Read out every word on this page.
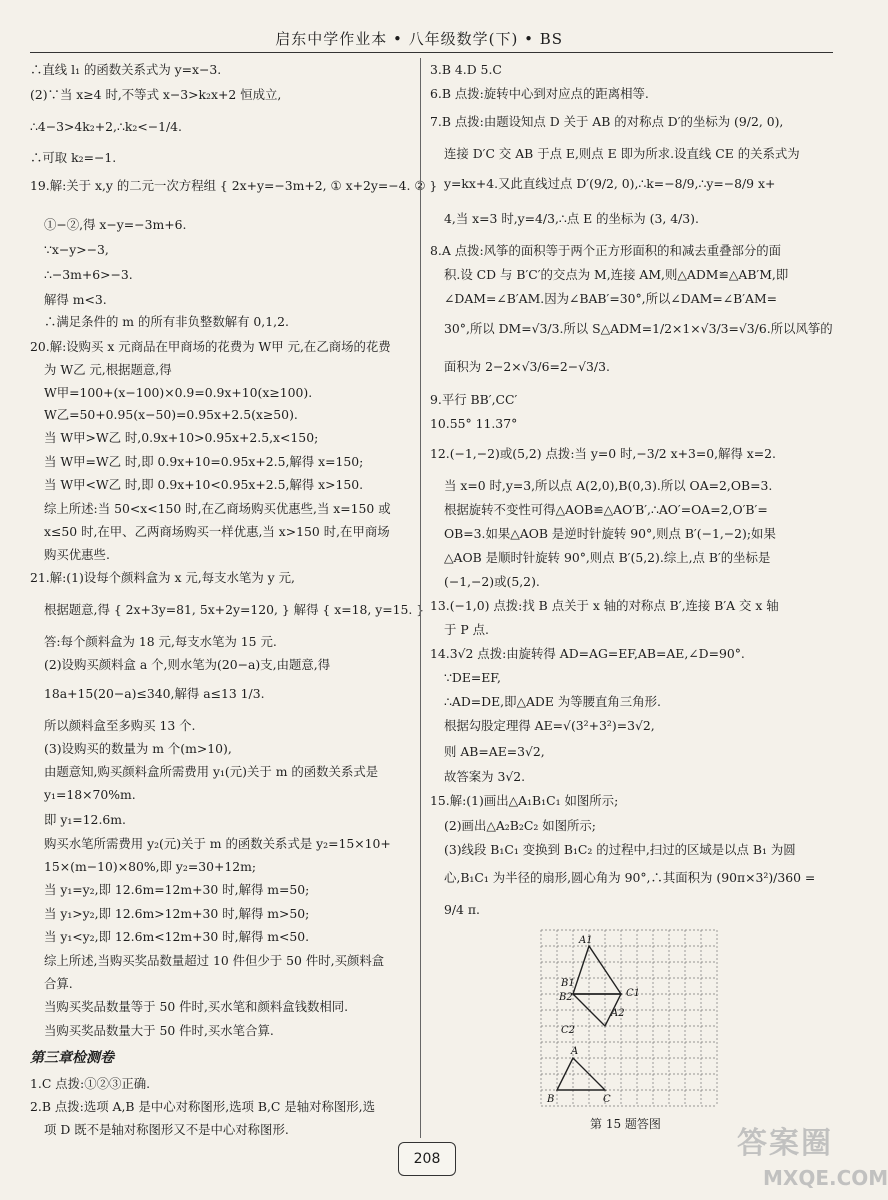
启东中学作业本 • 八年级数学(下) • BS
∴直线 l₁ 的函数关系式为 y=x−3.
(2)∵当 x≥4 时,不等式 x−3>k₂x+2 恒成立,
∴4−3>4k₂+2,∴k₂<−1/4.
∴可取 k₂=−1.
19.解:关于 x,y 的二元一次方程组 { 2x+y=−3m+2, ① x+2y=−4. ② }
①−②,得 x−y=−3m+6.
∵x−y>−3,
∴−3m+6>−3.
解得 m<3.
∴满足条件的 m 的所有非负整数解有 0,1,2.
20.解:设购买 x 元商品在甲商场的花费为 W甲 元,在乙商场的花费
为 W乙 元,根据题意,得
W甲=100+(x−100)×0.9=0.9x+10(x≥100).
W乙=50+0.95(x−50)=0.95x+2.5(x≥50).
当 W甲>W乙 时,0.9x+10>0.95x+2.5,x<150;
当 W甲=W乙 时,即 0.9x+10=0.95x+2.5,解得 x=150;
当 W甲<W乙 时,即 0.9x+10<0.95x+2.5,解得 x>150.
综上所述:当 50<x<150 时,在乙商场购买优惠些,当 x=150 或
x≤50 时,在甲、乙两商场购买一样优惠,当 x>150 时,在甲商场
购买优惠些.
21.解:(1)设每个颜料盒为 x 元,每支水笔为 y 元,
根据题意,得 { 2x+3y=81, 5x+2y=120, } 解得 { x=18, y=15. }
答:每个颜料盒为 18 元,每支水笔为 15 元.
(2)设购买颜料盒 a 个,则水笔为(20−a)支,由题意,得
18a+15(20−a)≤340,解得 a≤13 1/3.
所以颜料盒至多购买 13 个.
(3)设购买的数量为 m 个(m>10),
由题意知,购买颜料盒所需费用 y₁(元)关于 m 的函数关系式是
y₁=18×70%m.
即 y₁=12.6m.
购买水笔所需费用 y₂(元)关于 m 的函数关系式是 y₂=15×10+
15×(m−10)×80%,即 y₂=30+12m;
当 y₁=y₂,即 12.6m=12m+30 时,解得 m=50;
当 y₁>y₂,即 12.6m>12m+30 时,解得 m>50;
当 y₁<y₂,即 12.6m<12m+30 时,解得 m<50.
综上所述,当购买奖品数量超过 10 件但少于 50 件时,买颜料盒
合算.
当购买奖品数量等于 50 件时,买水笔和颜料盒钱数相同.
当购买奖品数量大于 50 件时,买水笔合算.
第三章检测卷
1.C 点拨:①②③正确.
2.B 点拨:选项 A,B 是中心对称图形,选项 B,C 是轴对称图形,选
项 D 既不是轴对称图形又不是中心对称图形.
3.B 4.D 5.C
6.B 点拨:旋转中心到对应点的距离相等.
7.B 点拨:由题设知点 D 关于 AB 的对称点 D′的坐标为 (9/2, 0),
连接 D′C 交 AB 于点 E,则点 E 即为所求.设直线 CE 的关系式为
y=kx+4.又此直线过点 D′(9/2, 0),∴k=−8/9,∴y=−8/9 x+
4,当 x=3 时,y=4/3,∴点 E 的坐标为 (3, 4/3).
8.A 点拨:风筝的面积等于两个正方形面积的和减去重叠部分的面
积.设 CD 与 B′C′的交点为 M,连接 AM,则△ADM≌△AB′M,即
∠DAM=∠B′AM.因为∠BAB′=30°,所以∠DAM=∠B′AM=
30°,所以 DM=√3/3.所以 S△ADM=1/2×1×√3/3=√3/6.所以风筝的
面积为 2−2×√3/6=2−√3/3.
9.平行 BB′,CC′
10.55° 11.37°
12.(−1,−2)或(5,2) 点拨:当 y=0 时,−3/2 x+3=0,解得 x=2.
当 x=0 时,y=3,所以点 A(2,0),B(0,3).所以 OA=2,OB=3.
根据旋转不变性可得△AOB≌△AO′B′,∴AO′=OA=2,O′B′=
OB=3.如果△AOB 是逆时针旋转 90°,则点 B′(−1,−2);如果
△AOB 是顺时针旋转 90°,则点 B′(5,2).综上,点 B′的坐标是
(−1,−2)或(5,2).
13.(−1,0) 点拨:找 B 点关于 x 轴的对称点 B′,连接 B′A 交 x 轴
于 P 点.
14.3√2 点拨:由旋转得 AD=AG=EF,AB=AE,∠D=90°.
∵DE=EF,
∴AD=DE,即△ADE 为等腰直角三角形.
根据勾股定理得 AE=√(3²+3²)=3√2,
则 AB=AE=3√2,
故答案为 3√2.
15.解:(1)画出△A₁B₁C₁ 如图所示;
(2)画出△A₂B₂C₂ 如图所示;
(3)线段 B₁C₁ 变换到 B₁C₂ 的过程中,扫过的区域是以点 B₁ 为圆
心,B₁C₁ 为半径的扇形,圆心角为 90°,∴其面积为 (90π×3²)/360 =
9/4 π.
A1
B1
C1
A2
B2
C2
A
B	C
第 15 题答图
208	答案圈
MXQE.COM
